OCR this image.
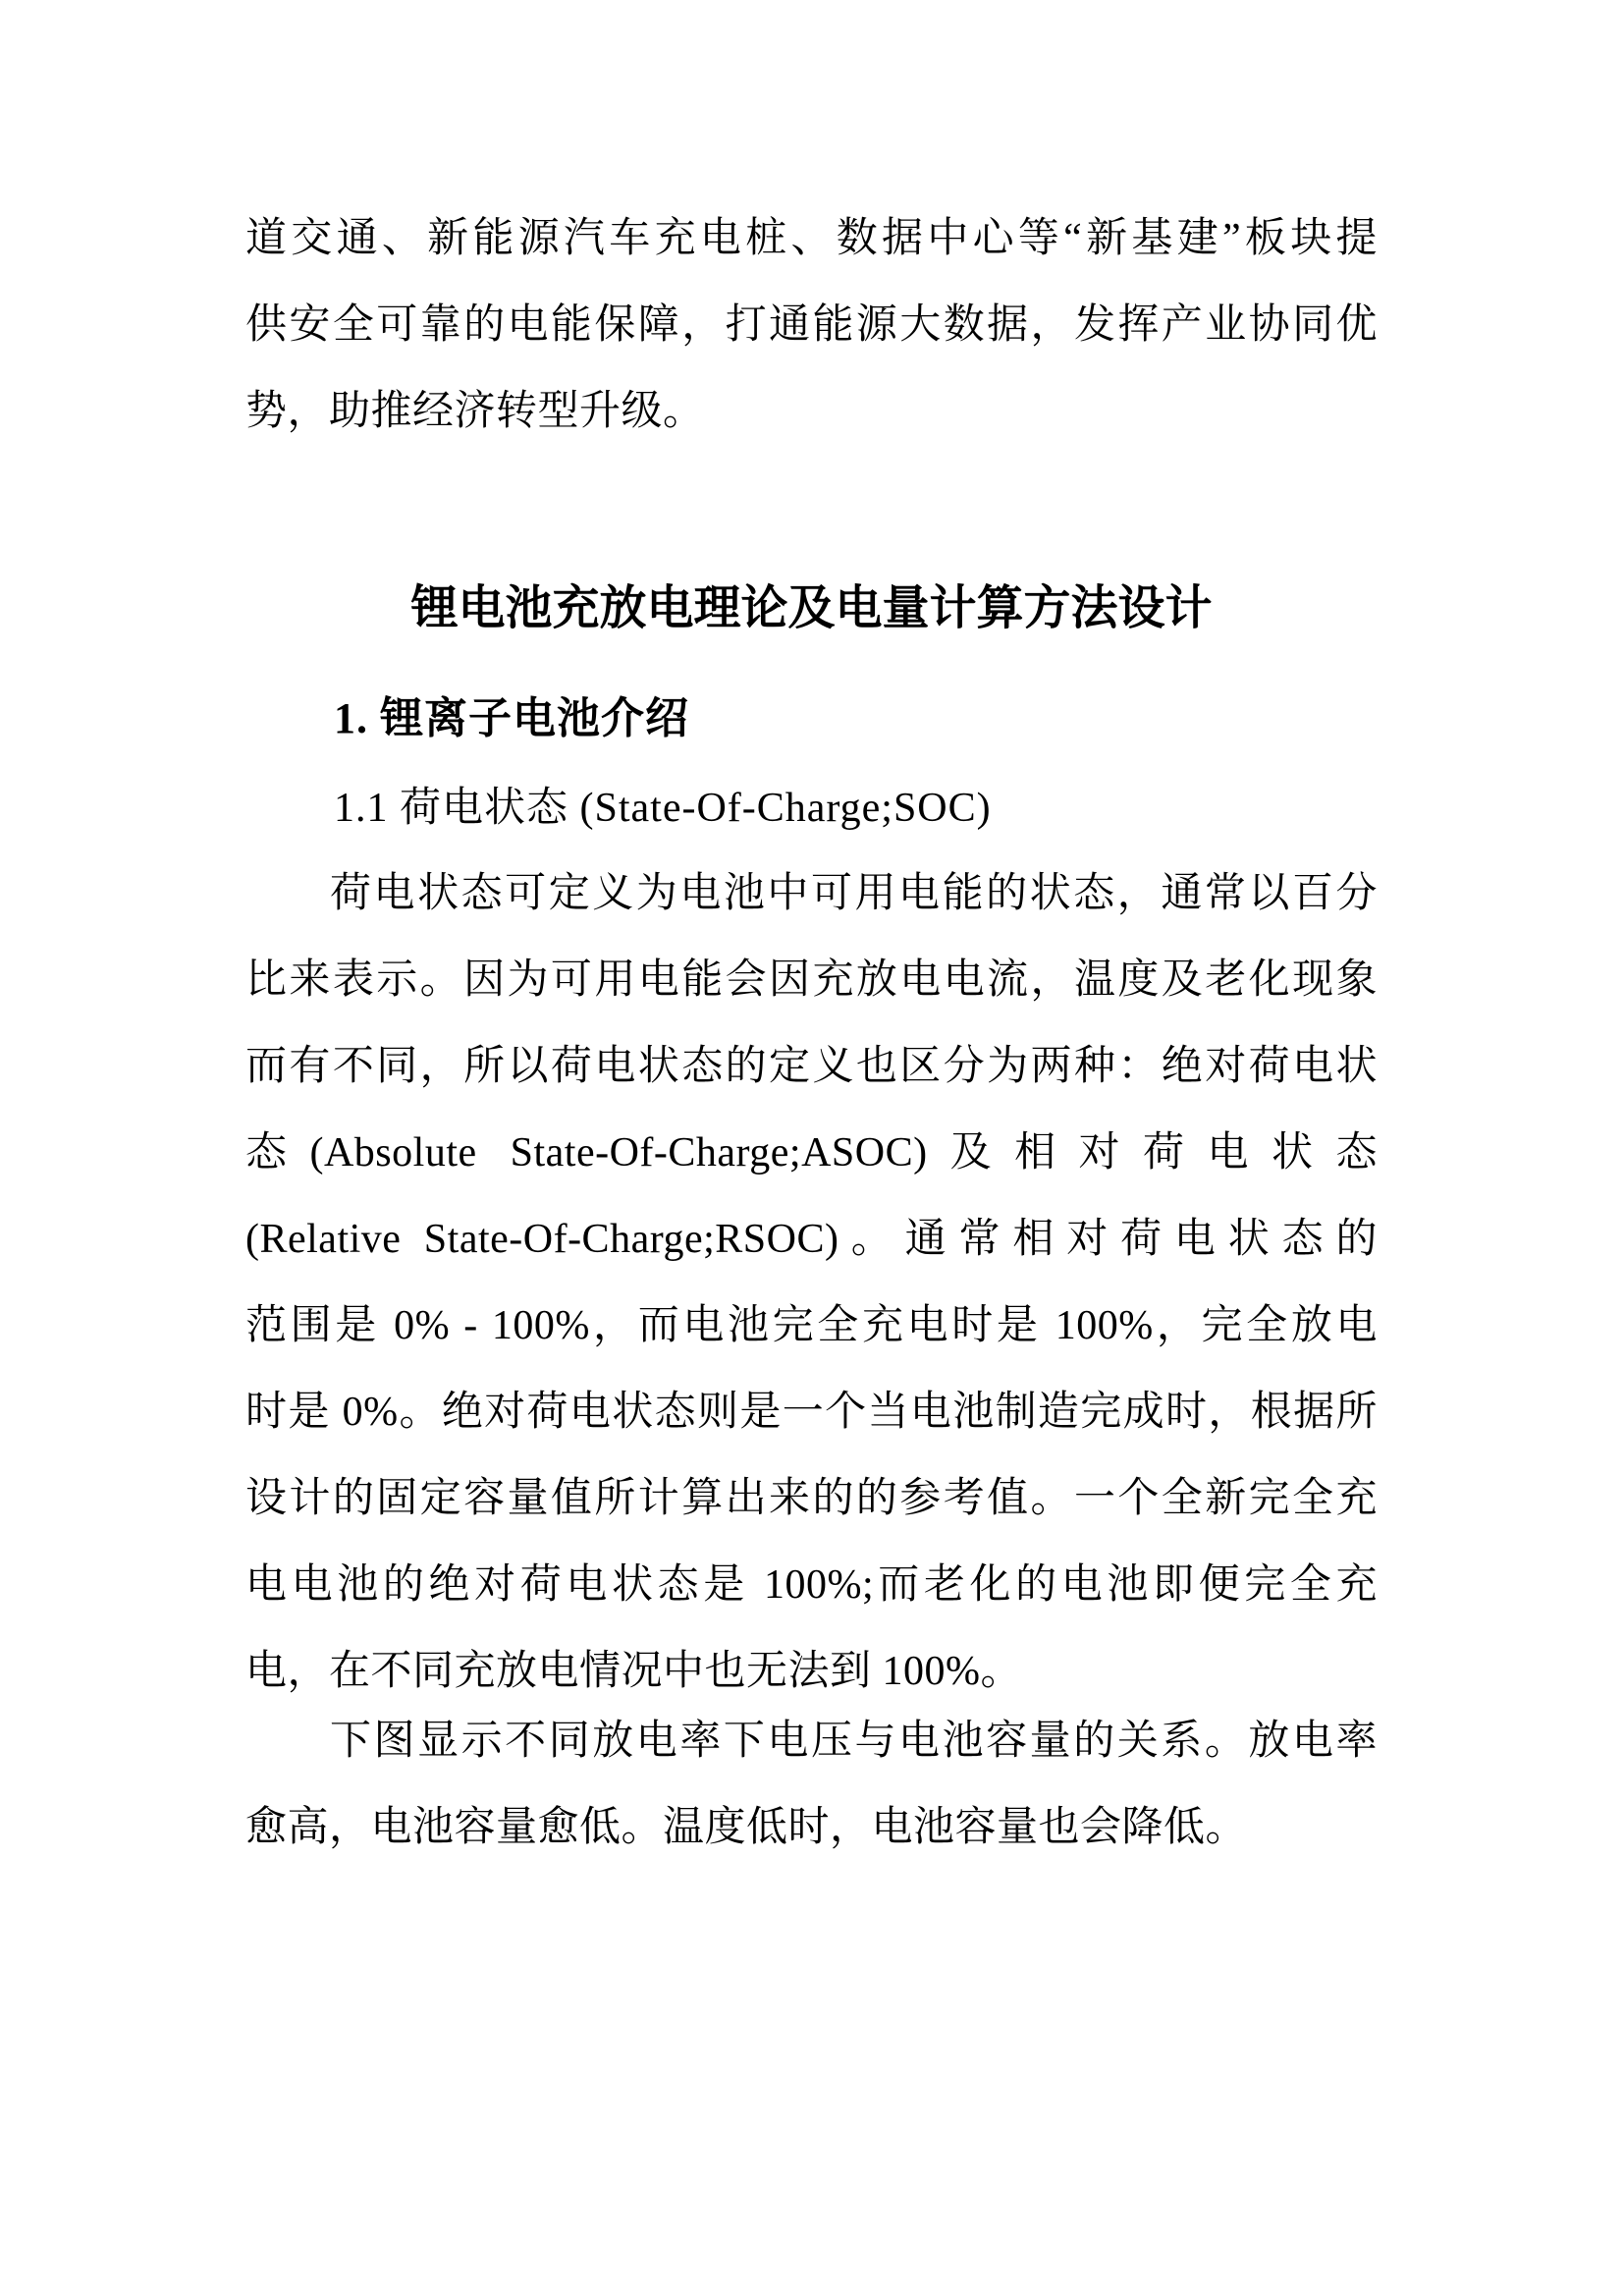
道交通、新能源汽车充电桩、数据中心等“新基建”板块提
供安全可靠的电能保障，打通能源大数据，发挥产业协同优
势，助推经济转型升级。
锂电池充放电理论及电量计算方法设计
1. 锂离子电池介绍
1.1 荷电状态 (State-Of-Charge;SOC)
荷电状态可定义为电池中可用电能的状态，通常以百分
比来表示。因为可用电能会因充放电电流，温度及老化现象
而有不同，所以荷电状态的定义也区分为两种：绝对荷电状
态(Absolute State-Of-Charge;ASOC)及相对荷电状态
(Relative State-Of-Charge;RSOC)。通常相对荷电状态的
范围是 0% - 100%，而电池完全充电时是 100%，完全放电
时是 0%。绝对荷电状态则是一个当电池制造完成时，根据所
设计的固定容量值所计算出来的的参考值。一个全新完全充
电电池的绝对荷电状态是 100%;而老化的电池即便完全充
电，在不同充放电情况中也无法到 100%。
下图显示不同放电率下电压与电池容量的关系。放电率
愈高，电池容量愈低。温度低时，电池容量也会降低。
